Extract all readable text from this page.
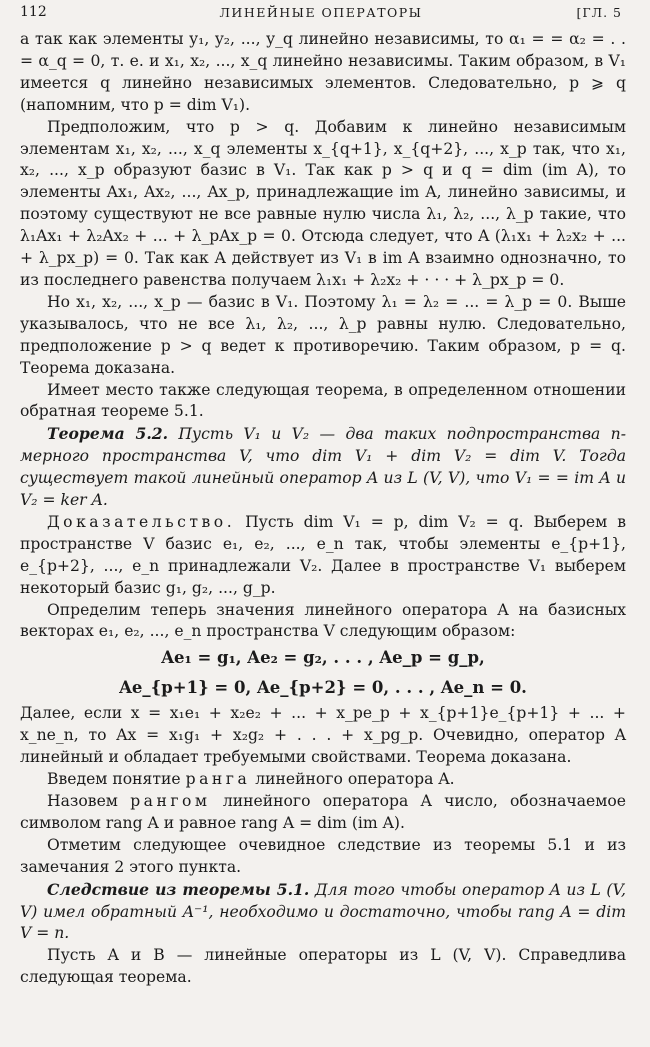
112	ЛИНЕЙНЫЕ ОПЕРАТОРЫ	[ГЛ. 5

а так как элементы y₁, y₂, ..., y_q линейно независимы, то α₁ = = α₂ = . . = α_q = 0, т. е. и x₁, x₂, ..., x_q линейно независимы. Таким образом, в V₁ имеется q линейно независимых элементов. Следовательно, p ⩾ q (напомним, что p = dim V₁).

Предположим, что p > q. Добавим к линейно независимым элементам x₁, x₂, ..., x_q элементы x_{q+1}, x_{q+2}, ..., x_p так, что x₁, x₂, ..., x_p образуют базис в V₁. Так как p > q и q = dim (im A), то элементы Ax₁, Ax₂, ..., Ax_p, принадлежащие im A, линейно зависимы, и поэтому существуют не все равные нулю числа λ₁, λ₂, ..., λ_p такие, что λ₁Ax₁ + λ₂Ax₂ + ... + λ_pAx_p = 0. Отсюда следует, что A (λ₁x₁ + λ₂x₂ + ... + λ_px_p) = 0. Так как A действует из V₁ в im A взаимно однозначно, то из последнего равенства получаем λ₁x₁ + λ₂x₂ + · · · + λ_px_p = 0.

Но x₁, x₂, ..., x_p — базис в V₁. Поэтому λ₁ = λ₂ = ... = λ_p = 0. Выше указывалось, что не все λ₁, λ₂, ..., λ_p равны нулю. Следовательно, предположение p > q ведет к противоречию. Таким образом, p = q. Теорема доказана.

Имеет место также следующая теорема, в определенном отношении обратная теореме 5.1.

Теорема 5.2. Пусть V₁ и V₂ — два таких подпространства n-мерного пространства V, что dim V₁ + dim V₂ = dim V. Тогда существует такой линейный оператор A из L (V, V), что V₁ = = im A и V₂ = ker A.

Доказательство. Пусть dim V₁ = p, dim V₂ = q. Выберем в пространстве V базис e₁, e₂, ..., e_n так, чтобы элементы e_{p+1}, e_{p+2}, ..., e_n принадлежали V₂. Далее в пространстве V₁ выберем некоторый базис g₁, g₂, ..., g_p.

Определим теперь значения линейного оператора A на базисных векторах e₁, e₂, ..., e_n пространства V следующим образом:

Ae₁ = g₁, Ae₂ = g₂, . . . , Ae_p = g_p,

Ae_{p+1} = 0, Ae_{p+2} = 0, . . . , Ae_n = 0.

Далее, если x = x₁e₁ + x₂e₂ + ... + x_pe_p + x_{p+1}e_{p+1} + ... + x_ne_n, то Ax = x₁g₁ + x₂g₂ + . . . + x_pg_p. Очевидно, оператор A линейный и обладает требуемыми свойствами. Теорема доказана.

Введем понятие ранга линейного оператора A.

Назовем рангом линейного оператора A число, обозначаемое символом rang A и равное rang A = dim (im A).

Отметим следующее очевидное следствие из теоремы 5.1 и из замечания 2 этого пункта.

Следствие из теоремы 5.1. Для того чтобы оператор A из L (V, V) имел обратный A⁻¹, необходимо и достаточно, чтобы rang A = dim V = n.

Пусть A и B — линейные операторы из L (V, V). Справедлива следующая теорема.
